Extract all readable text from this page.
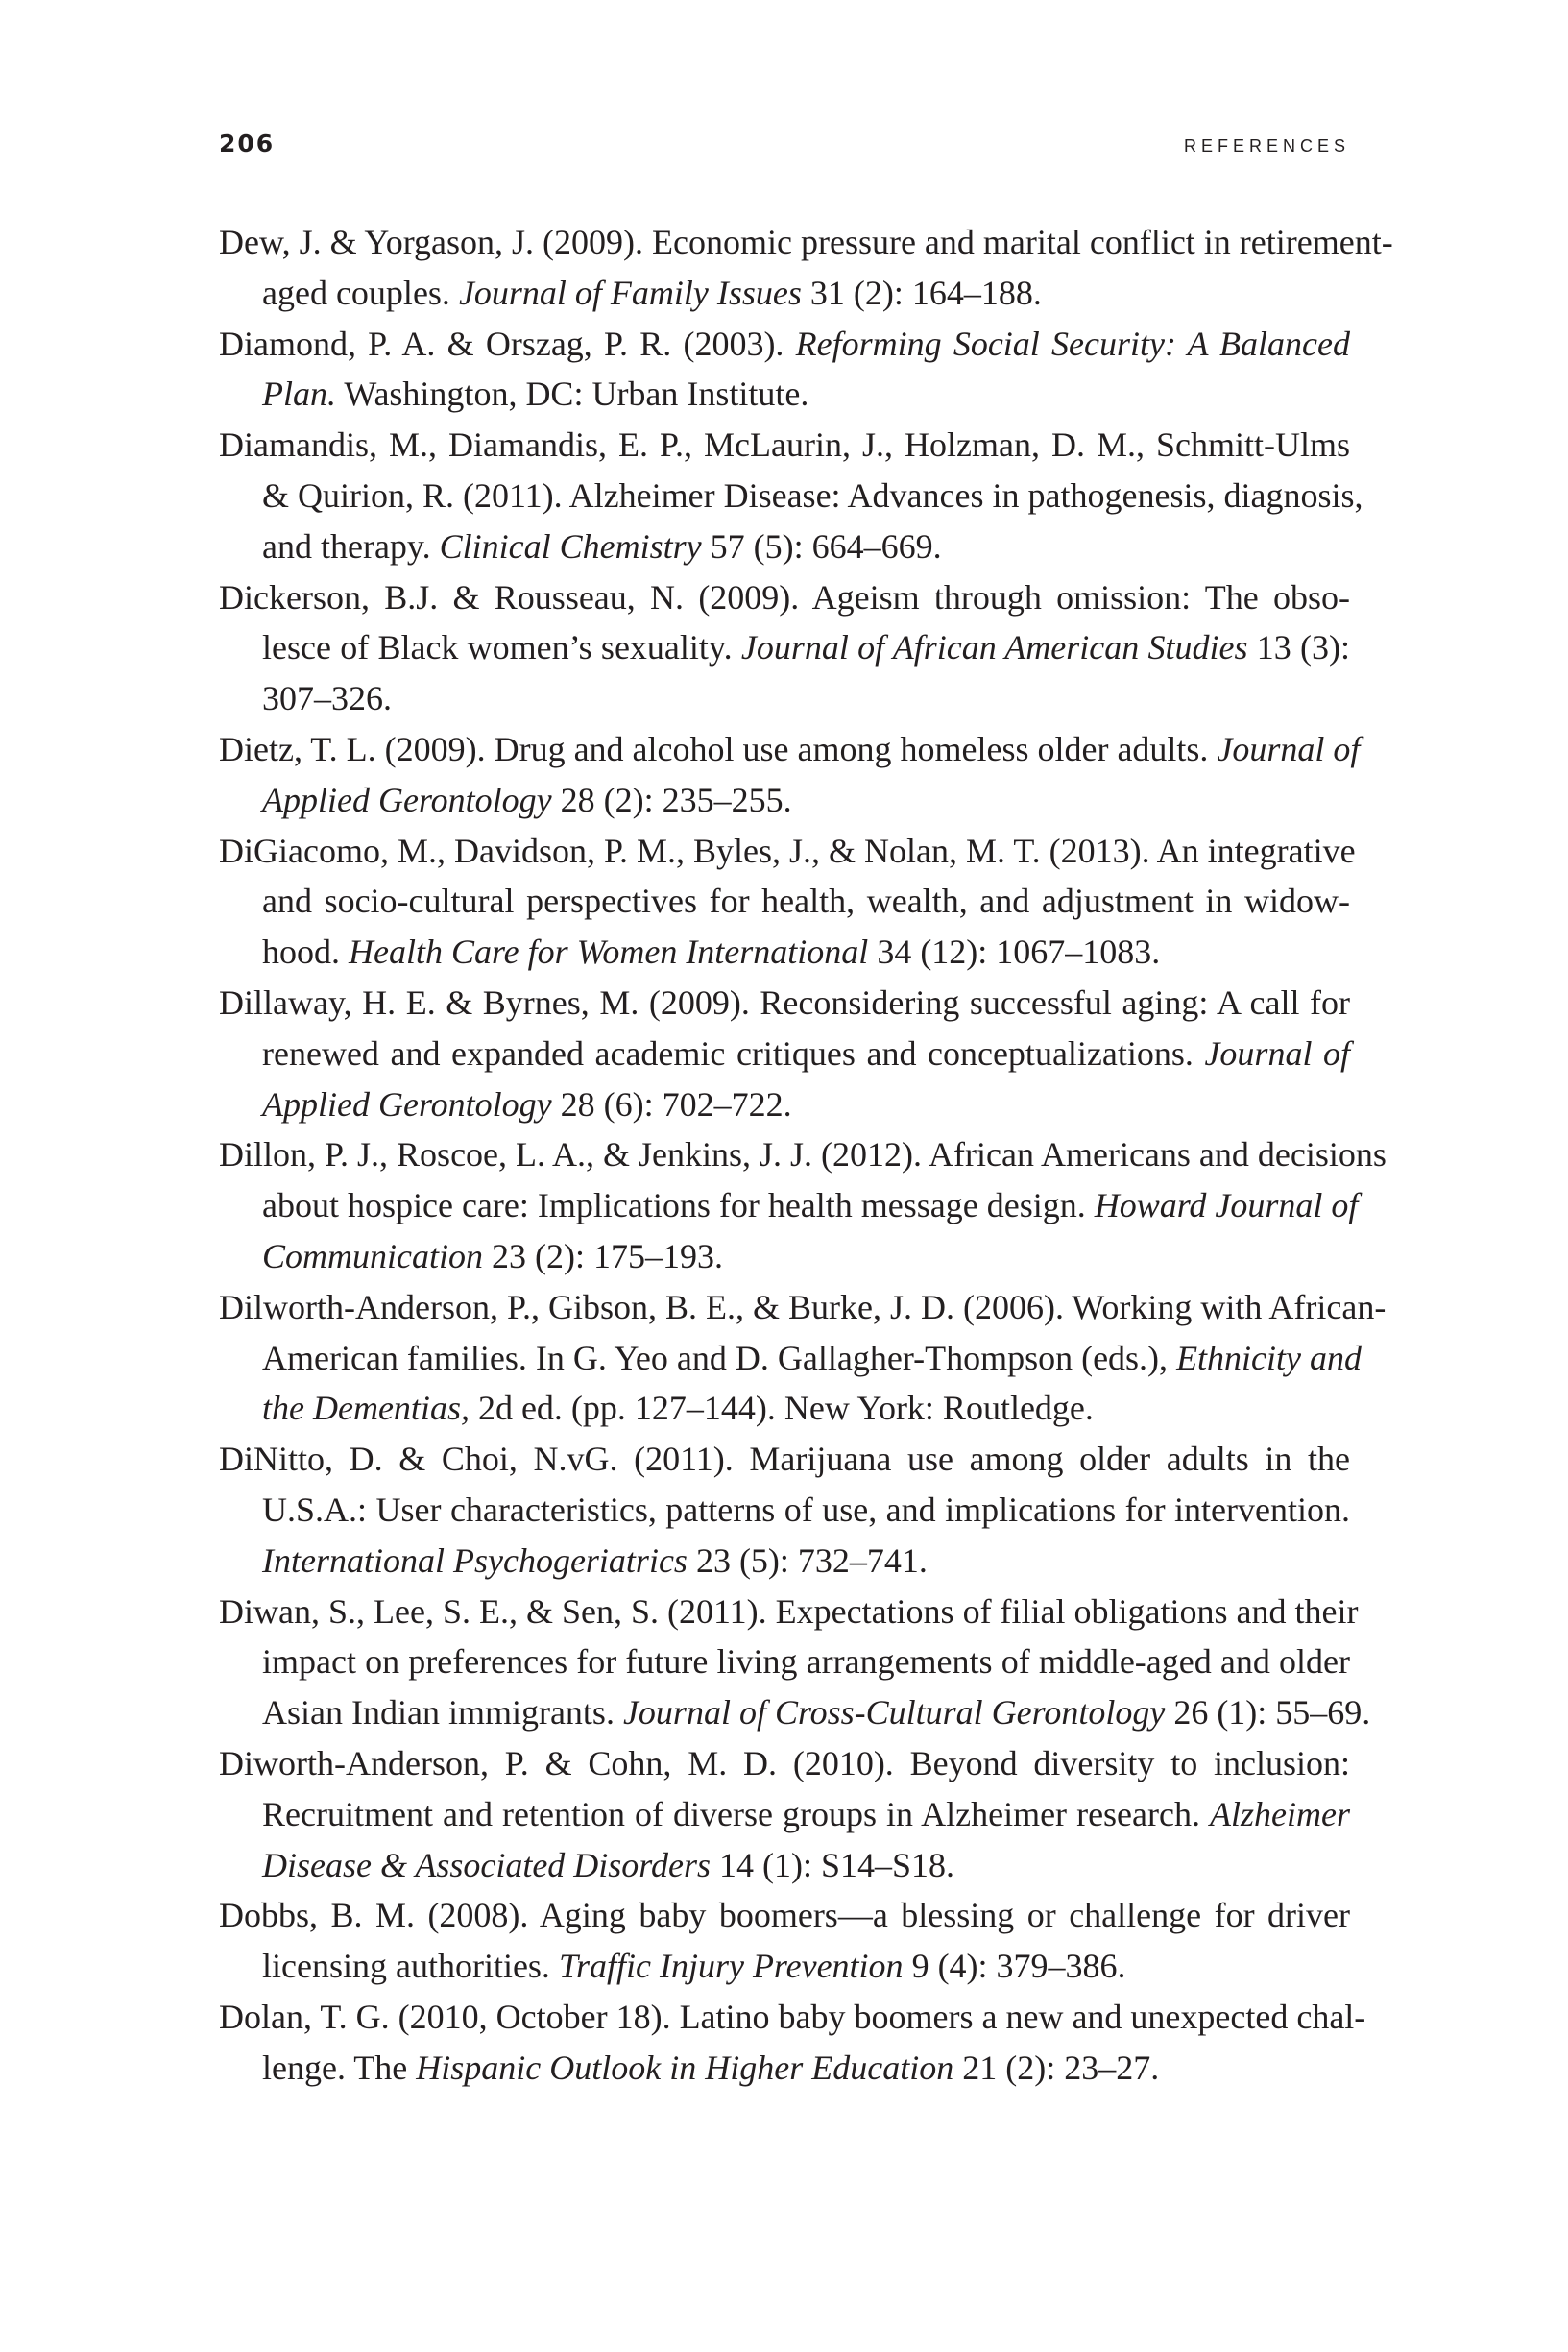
206	REFERENCES
Dew, J. & Yorgason, J. (2009). Economic pressure and marital conflict in retirement-
aged couples. Journal of Family Issues 31 (2): 164–188.
Diamond, P. A. & Orszag, P. R. (2003). Reforming Social Security: A Balanced
Plan. Washington, DC: Urban Institute.
Diamandis, M., Diamandis, E. P., McLaurin, J., Holzman, D. M., Schmitt-Ulms
& Quirion, R. (2011). Alzheimer Disease: Advances in pathogenesis, diagnosis,
and therapy. Clinical Chemistry 57 (5): 664–669.
Dickerson, B.J. & Rousseau, N. (2009). Ageism through omission: The obso-
lesce of Black women’s sexuality. Journal of African American Studies 13 (3):
307–326.
Dietz, T. L. (2009). Drug and alcohol use among homeless older adults. Journal of
Applied Gerontology 28 (2): 235–255.
DiGiacomo, M., Davidson, P. M., Byles, J., & Nolan, M. T. (2013). An integrative
and socio-cultural perspectives for health, wealth, and adjustment in widow-
hood. Health Care for Women International 34 (12): 1067–1083.
Dillaway, H. E. & Byrnes, M. (2009). Reconsidering successful aging: A call for
renewed and expanded academic critiques and conceptualizations. Journal of
Applied Gerontology 28 (6): 702–722.
Dillon, P. J., Roscoe, L. A., & Jenkins, J. J. (2012). African Americans and decisions
about hospice care: Implications for health message design. Howard Journal of
Communication 23 (2): 175–193.
Dilworth-Anderson, P., Gibson, B. E., & Burke, J. D. (2006). Working with African-
American families. In G. Yeo and D. Gallagher-Thompson (eds.), Ethnicity and
the Dementias, 2d ed. (pp. 127–144). New York: Routledge.
DiNitto, D. & Choi, N.vG. (2011). Marijuana use among older adults in the
U.S.A.: User characteristics, patterns of use, and implications for intervention.
International Psychogeriatrics 23 (5): 732–741.
Diwan, S., Lee, S. E., & Sen, S. (2011). Expectations of filial obligations and their
impact on preferences for future living arrangements of middle-aged and older
Asian Indian immigrants. Journal of Cross-Cultural Gerontology 26 (1): 55–69.
Diworth-Anderson, P. & Cohn, M. D. (2010). Beyond diversity to inclusion:
Recruitment and retention of diverse groups in Alzheimer research. Alzheimer
Disease & Associated Disorders 14 (1): S14–S18.
Dobbs, B. M. (2008). Aging baby boomers—a blessing or challenge for driver
licensing authorities. Traffic Injury Prevention 9 (4): 379–386.
Dolan, T. G. (2010, October 18). Latino baby boomers a new and unexpected chal-
lenge. The Hispanic Outlook in Higher Education 21 (2): 23–27.
